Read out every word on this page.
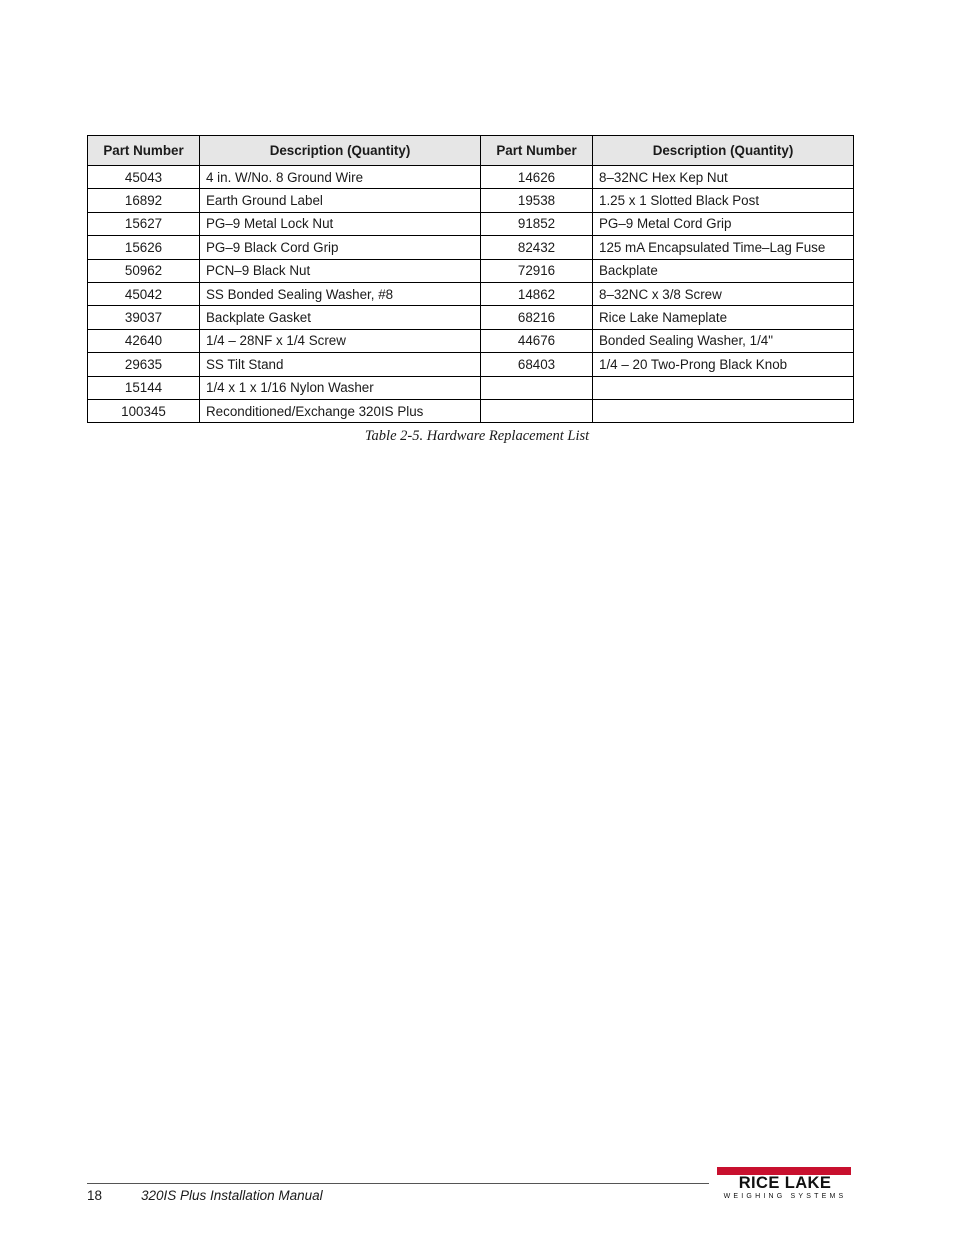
Part Number	Description (Quantity)	Part Number	Description (Quantity)
45043	4 in. W/No. 8 Ground Wire	14626	8–32NC Hex Kep Nut
16892	Earth Ground Label	19538	1.25 x 1 Slotted Black Post
15627	PG–9 Metal Lock Nut	91852	PG–9 Metal Cord Grip
15626	PG–9 Black Cord Grip	82432	125 mA Encapsulated Time–Lag Fuse
50962	PCN–9 Black Nut	72916	Backplate
45042	SS Bonded Sealing Washer, #8	14862	8–32NC x 3/8 Screw
39037	Backplate Gasket	68216	Rice Lake Nameplate
42640	1/4 – 28NF x 1/4 Screw	44676	Bonded Sealing Washer, 1/4"
29635	SS Tilt Stand	68403	1/4 – 20 Two-Prong Black Knob
15144	1/4 x 1 x 1/16 Nylon Washer		
100345	Reconditioned/Exchange 320IS Plus		
Table 2-5. Hardware Replacement List
18	320IS Plus Installation Manual
RICE LAKE
WEIGHING SYSTEMS
